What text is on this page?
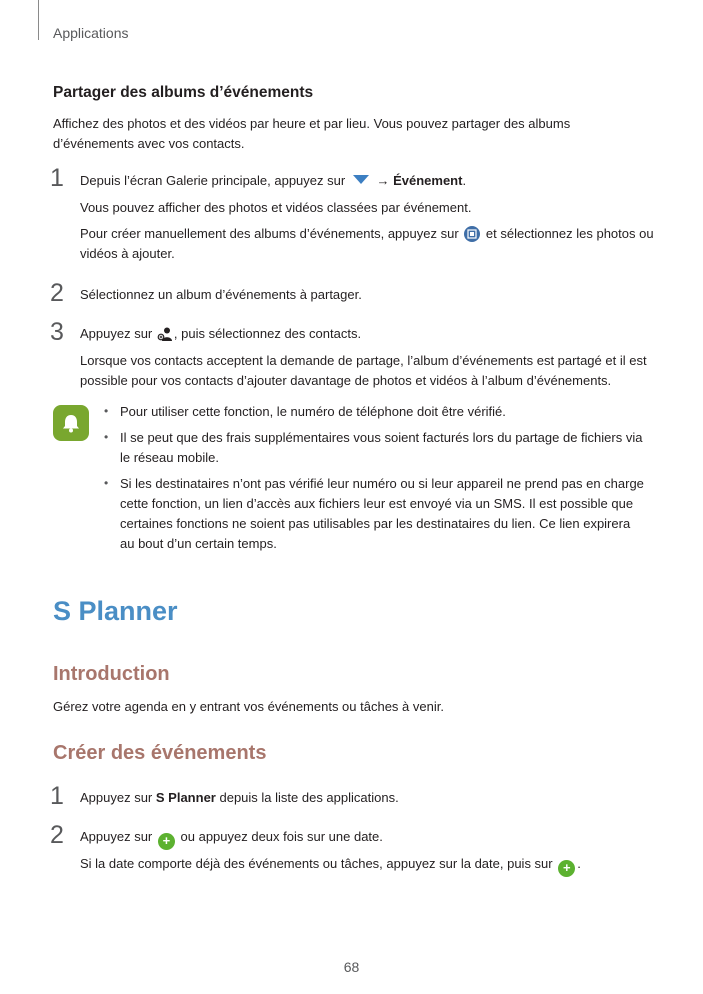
Applications
Partager des albums d’événements
Affichez des photos et des vidéos par heure et par lieu. Vous pouvez partager des albums d’événements avec vos contacts.
1 Depuis l’écran Galerie principale, appuyez sur → Événement.
Vous pouvez afficher des photos et vidéos classées par événement.
Pour créer manuellement des albums d’événements, appuyez sur et sélectionnez les photos ou vidéos à ajouter.
2 Sélectionnez un album d’événements à partager.
3 Appuyez sur , puis sélectionnez des contacts.
Lorsque vos contacts acceptent la demande de partage, l’album d’événements est partagé et il est possible pour vos contacts d’ajouter davantage de photos et vidéos à l’album d’événements.
• Pour utiliser cette fonction, le numéro de téléphone doit être vérifié.
• Il se peut que des frais supplémentaires vous soient facturés lors du partage de fichiers via le réseau mobile.
• Si les destinataires n’ont pas vérifié leur numéro ou si leur appareil ne prend pas en charge cette fonction, un lien d’accès aux fichiers leur est envoyé via un SMS. Il est possible que certaines fonctions ne soient pas utilisables par les destinataires du lien. Ce lien expirera au bout d’un certain temps.
S Planner
Introduction
Gérez votre agenda en y entrant vos événements ou tâches à venir.
Créer des événements
1 Appuyez sur S Planner depuis la liste des applications.
2 Appuyez sur + ou appuyez deux fois sur une date.
Si la date comporte déjà des événements ou tâches, appuyez sur la date, puis sur + .
68
